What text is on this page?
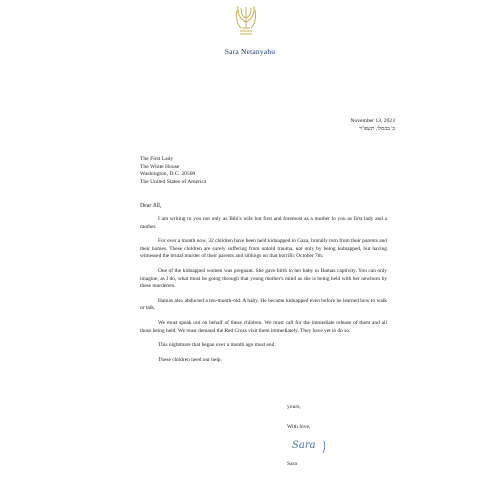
Sara Netanyahu
November 13, 2023
ב' בכסלו, תשפ"ד
The First Lady
The White House
Washington, D.C. 20500
The United States of America
Dear Jill,

I am writing to you not only as Bibi's wife but first and foremost as a mother to you as first lady and a mother.

For over a month now, 32 children have been held kidnapped in Gaza, brutally torn from their parents and their homes. These children are surely suffering from untold trauma, not only by being kidnapped, but having witnessed the brutal murder of their parents and siblings on that horrific October 7th.

One of the kidnapped women was pregnant. She gave birth to her baby in Hamas captivity. You can only imagine, as I do, what must be going through that young mother's mind as she is being held with her newborn by these murderers.

Hamas also abducted a ten-month-old. A baby. He became kidnapped even before he learned how to walk or talk.

We must speak out on behalf of these children. We must call for the immediate release of them and all those being held. We must demand the Red Cross visit them immediately. They have yet to do so.

This nightmare that began over a month ago must end.

These children need our help.

yours,
With love,
Sara
Sara
